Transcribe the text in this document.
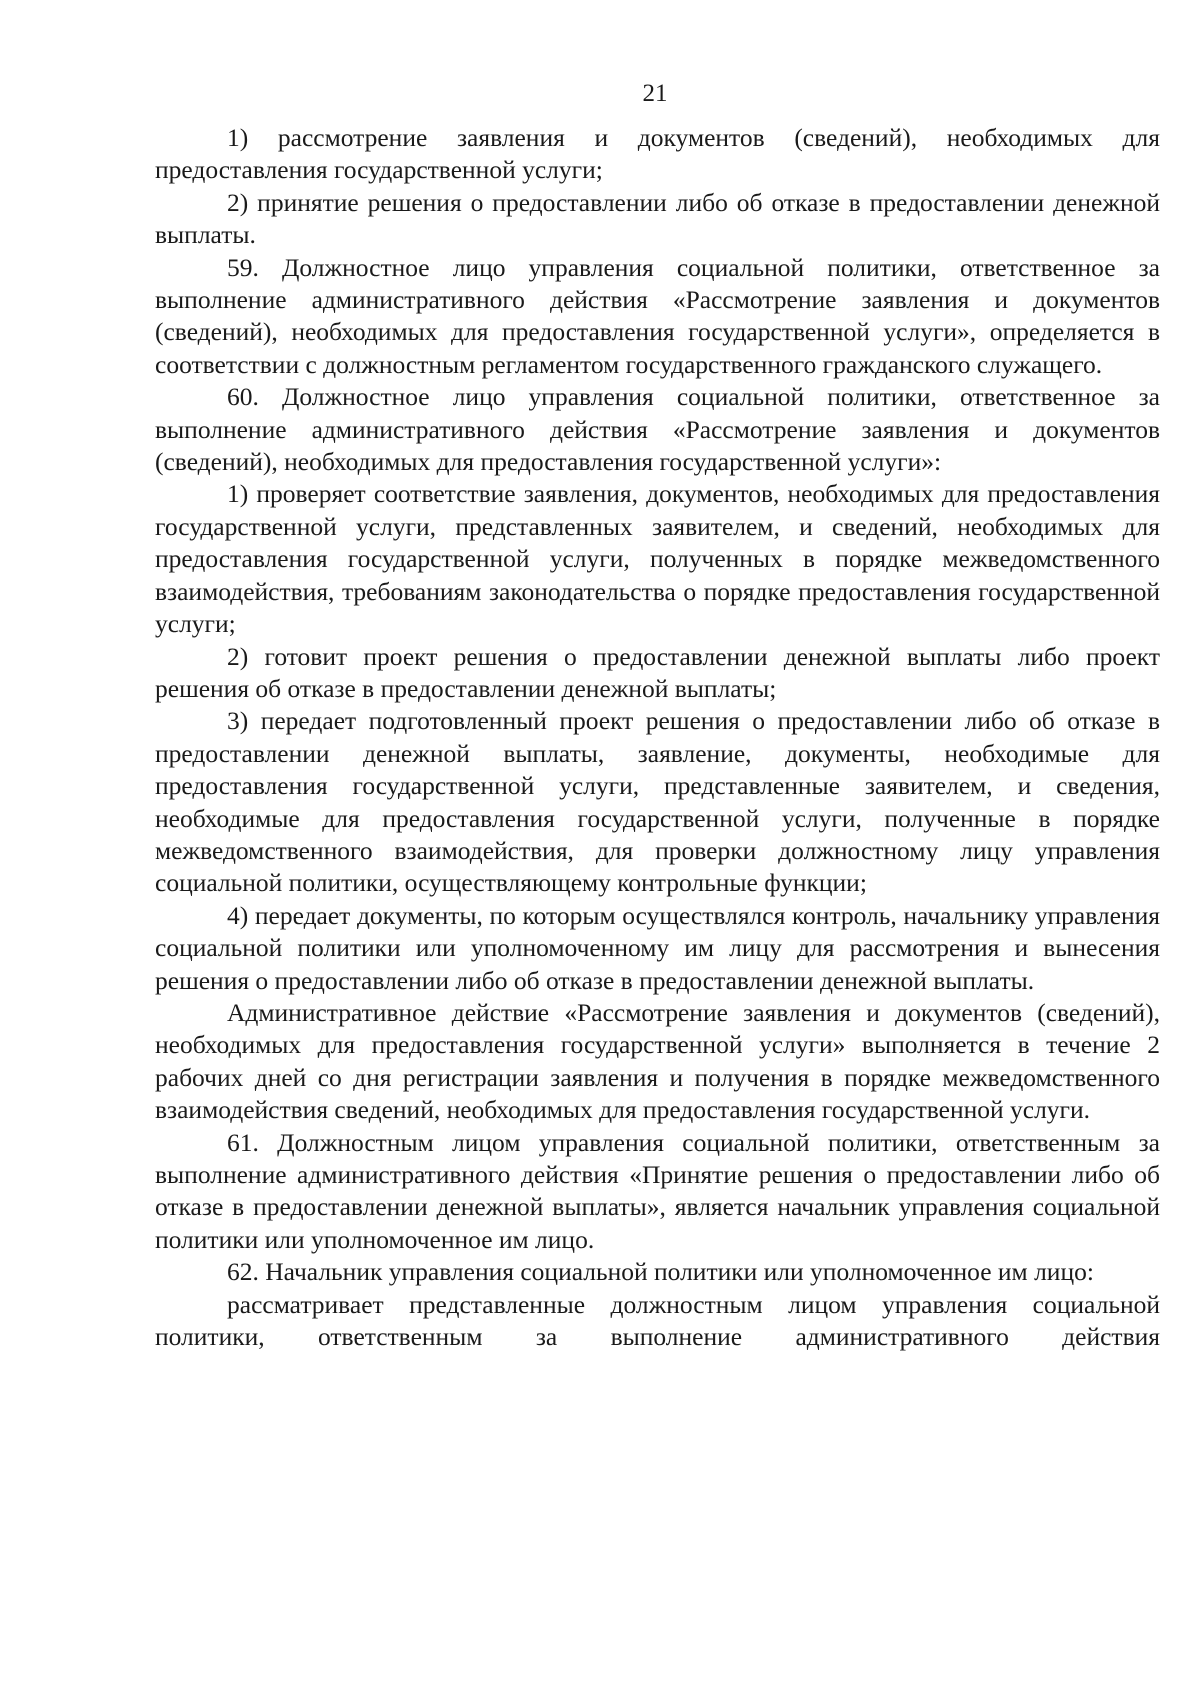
21

1) рассмотрение заявления и документов (сведений), необходимых для предоставления государственной услуги;

2) принятие решения о предоставлении либо об отказе в предоставлении денежной выплаты.

59. Должностное лицо управления социальной политики, ответственное за выполнение административного действия «Рассмотрение заявления и документов (сведений), необходимых для предоставления государственной услуги», определяется в соответствии с должностным регламентом государственного гражданского служащего.

60. Должностное лицо управления социальной политики, ответственное за выполнение административного действия «Рассмотрение заявления и документов (сведений), необходимых для предоставления государственной услуги»:

1) проверяет соответствие заявления, документов, необходимых для предоставления государственной услуги, представленных заявителем, и сведений, необходимых для предоставления государственной услуги, полученных в порядке межведомственного взаимодействия, требованиям законодательства о порядке предоставления государственной услуги;

2) готовит проект решения о предоставлении денежной выплаты либо проект решения об отказе в предоставлении денежной выплаты;

3) передает подготовленный проект решения о предоставлении либо об отказе в предоставлении денежной выплаты, заявление, документы, необходимые для предоставления государственной услуги, представленные заявителем, и сведения, необходимые для предоставления государственной услуги, полученные в порядке межведомственного взаимодействия, для проверки должностному лицу управления социальной политики, осуществляющему контрольные функции;

4) передает документы, по которым осуществлялся контроль, начальнику управления социальной политики или уполномоченному им лицу для рассмотрения и вынесения решения о предоставлении либо об отказе в предоставлении денежной выплаты.

Административное действие «Рассмотрение заявления и документов (сведений), необходимых для предоставления государственной услуги» выполняется в течение 2 рабочих дней со дня регистрации заявления и получения в порядке межведомственного взаимодействия сведений, необходимых для предоставления государственной услуги.

61. Должностным лицом управления социальной политики, ответственным за выполнение административного действия «Принятие решения о предоставлении либо об отказе в предоставлении денежной выплаты», является начальник управления социальной политики или уполномоченное им лицо.

62. Начальник управления социальной политики или уполномоченное им лицо:

рассматривает представленные должностным лицом управления социальной политики, ответственным за выполнение административного действия
